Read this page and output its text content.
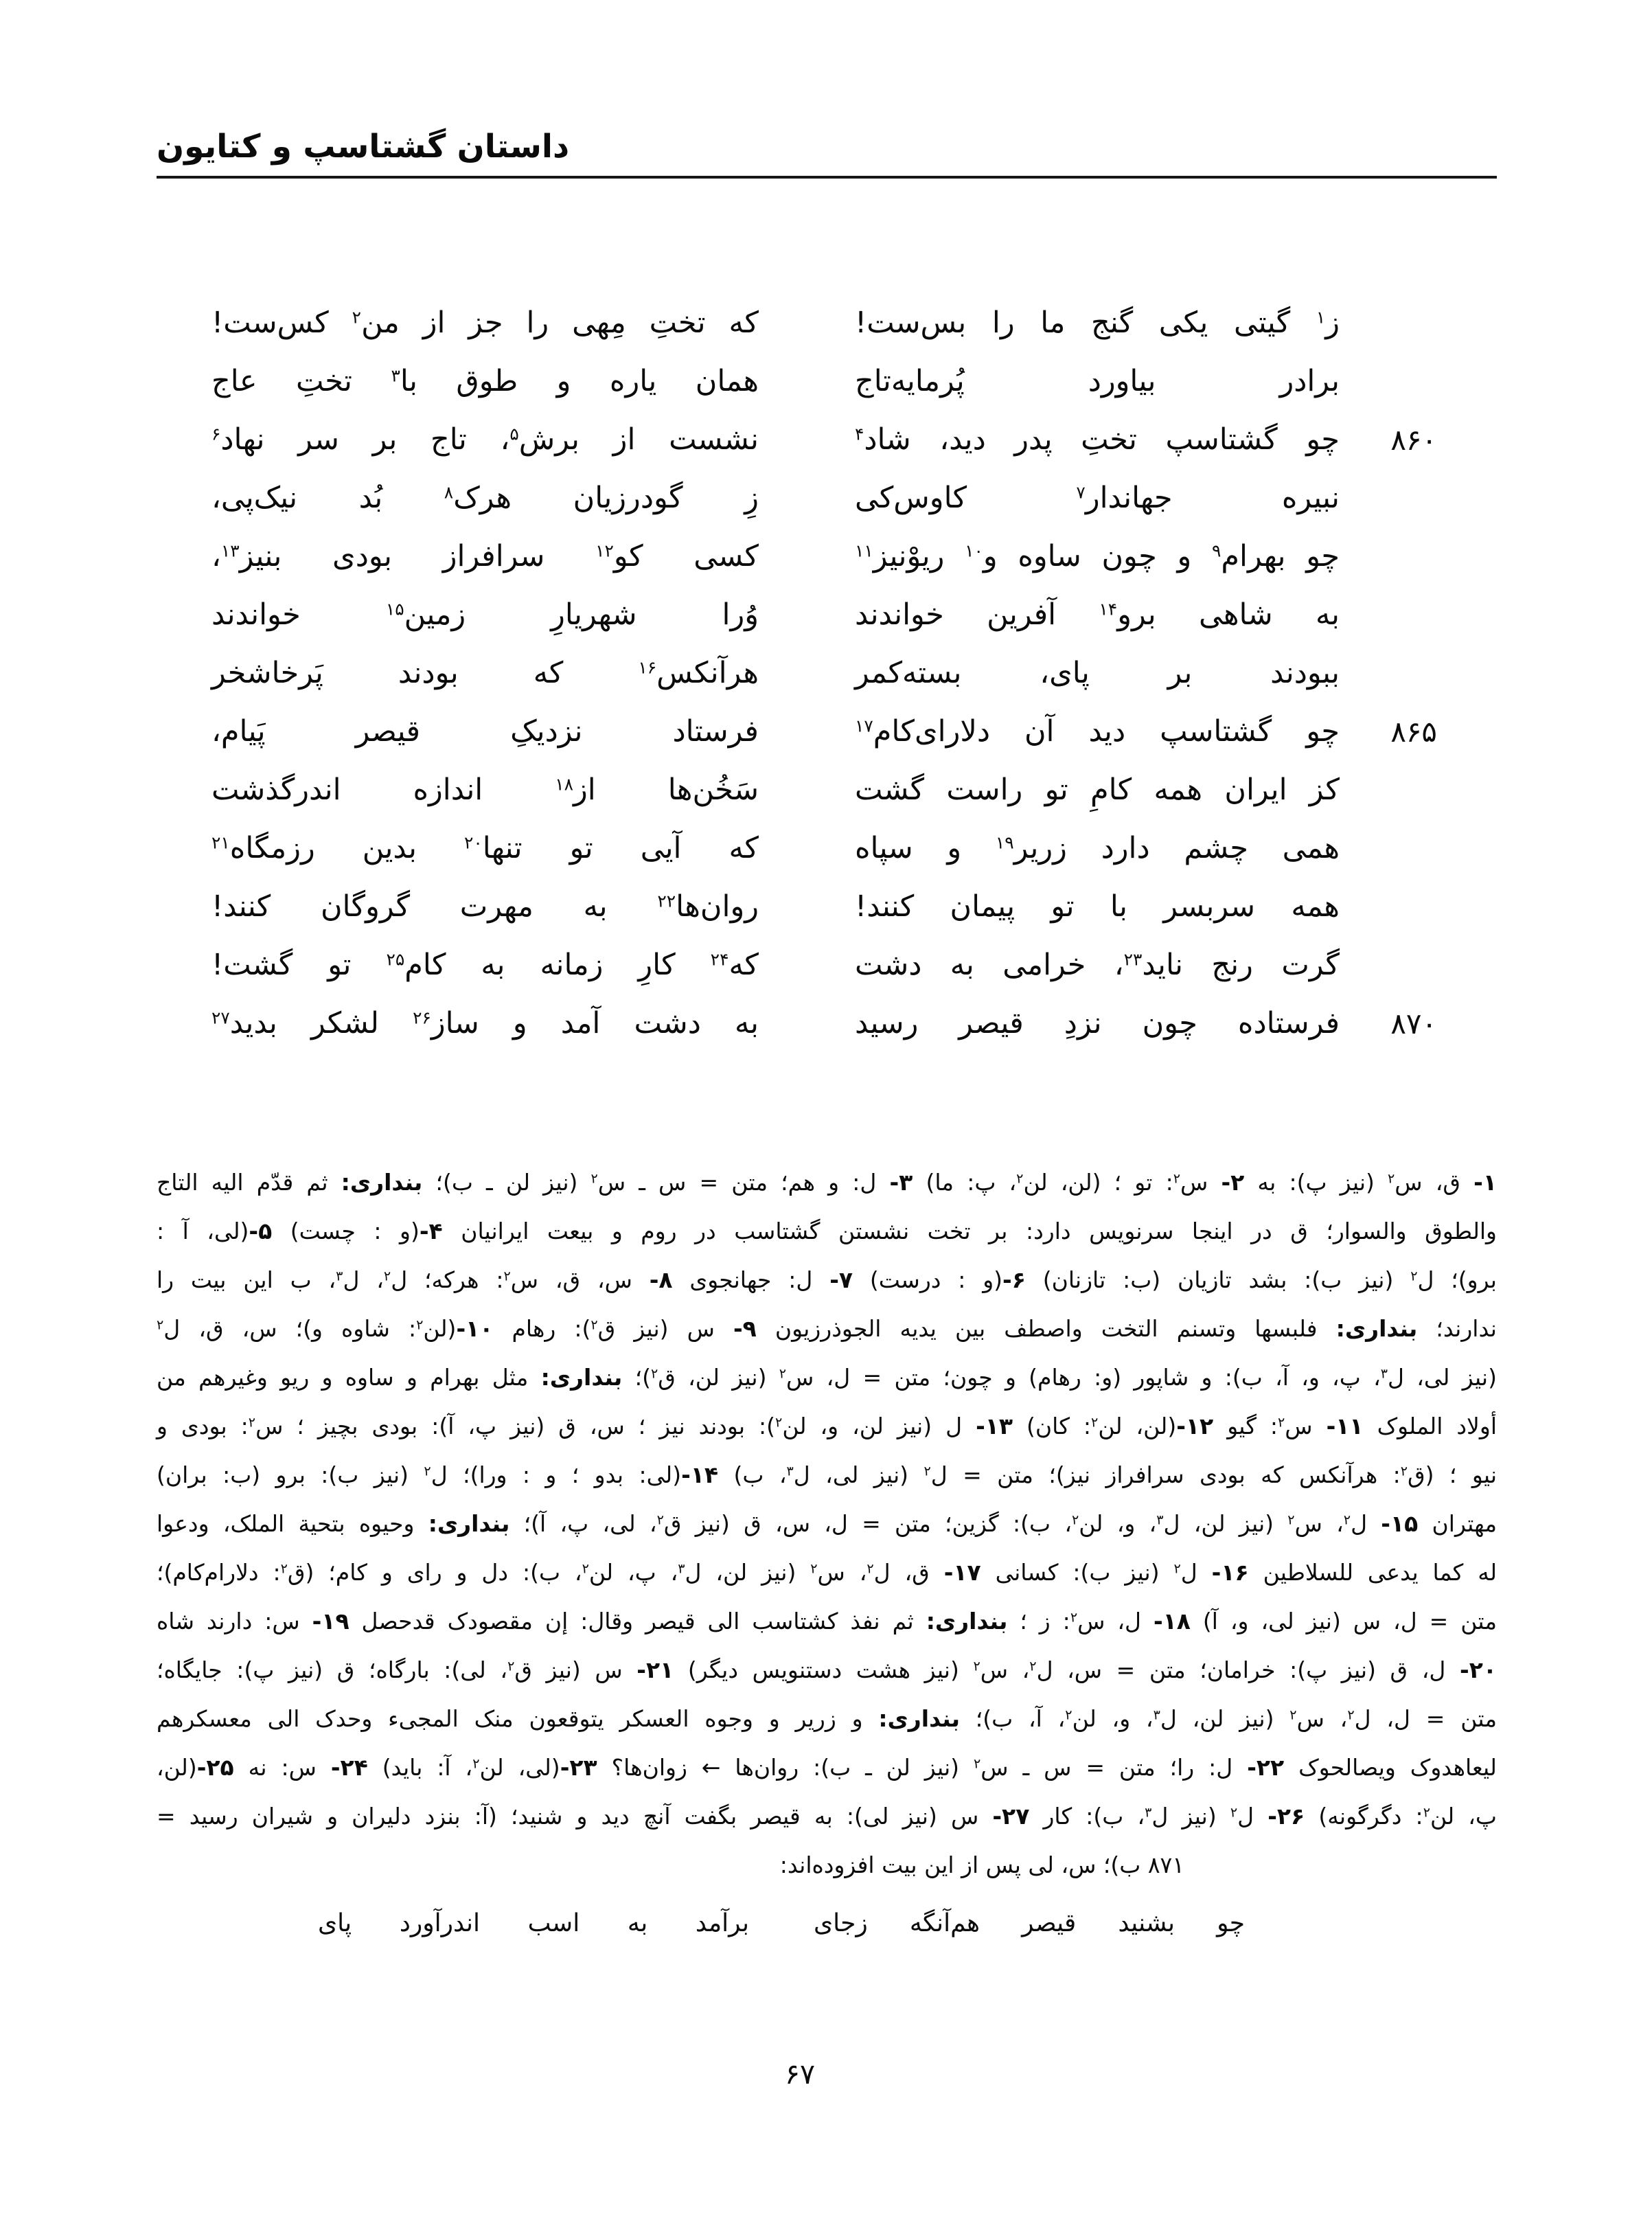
داستان گشتاسپ و کتایون
ز$^۱$ گیتی یکی گنج ما را بس‌ست!
که تختِ مِهی را جز از من$^۲$ کس‌ست!
برادر بیاورد پُرمایه‌تاج
همان یاره و طوق با$^۳$ تختِ عاج
۸۶۰
چو گشتاسپ تختِ پدر دید، شاد$^۴$
نشست از برش$^۵$، تاج بر سر نهاد$^۶$
نبیره جهاندار$^۷$ کاوس‌کی
زِ گودرزیان هرک$^۸$ بُد نیک‌پی،
چو بهرام$^۹$ و چون ساوه و$^{۱۰}$ ریوْنیز$^{۱۱}$
کسی کو$^{۱۲}$ سرافراز بودی بنیز$^{۱۳}$،
به شاهی برو$^{۱۴}$ آفرین خواندند
وُرا شهریارِ زمین$^{۱۵}$ خواندند
ببودند بر پای، بسته‌کمر
هرآنکس$^{۱۶}$ که بودند پَرخاشخر
۸۶۵
چو گشتاسپ دید آن دلارای‌کام$^{۱۷}$
فرستاد نزدیکِ قیصر پَیام،
کز ایران همه کامِ تو راست گشت
سَخُن‌ها از$^{۱۸}$ اندازه اندرگذشت
همی چشم دارد زریر$^{۱۹}$ و سپاه
که آیی تو تنها$^{۲۰}$ بدین رزمگاه$^{۲۱}$
همه سربسر با تو پیمان کنند!
روان‌ها$^{۲۲}$ به مهرت گروگان کنند!
گرت رنج ناید$^{۲۳}$، خرامی به دشت
که$^{۲۴}$ کارِ زمانه به کام$^{۲۵}$ تو گشت!
۸۷۰
فرستاده چون نزدِ قیصر رسید
به دشت آمد و ساز$^{۲۶}$ لشکر بدید$^{۲۷}$
۱- ق، س$^۲$ (نیز پ): به ۲- س$^۲$: تو ؛ (لن، لن$^۲$، پ: ما) ۳- ل: و هم؛ متن = س ـ س$^۲$ (نیز لن ـ ب)؛ بنداری: ثم قدّم الیه التاج
والطوق والسوار؛ ق در اینجا سرنویس دارد: بر تخت نشستن گشتاسب در روم و بیعت ایرانیان ۴-(و : چست) ۵-(لی، آ :
برو)؛ ل$^۲$ (نیز ب): بشد تازیان (ب: تازنان) ۶-(و : درست) ۷- ل: جهانجوی ۸- س، ق، س$^۲$: هرکه؛ ل$^۲$، ل$^۳$، ب این بیت را
ندارند؛ بنداری: فلبسها وتسنم التخت واصطف بین یدیه الجوذرزیون ۹- س (نیز ق$^۲$): رهام ۱۰-(لن$^۲$: شاوه و)؛ س، ق، ل$^۲$
(نیز لی، ل$^۳$، پ، و، آ، ب): و شاپور (و: رهام) و چون؛ متن = ل، س$^۲$ (نیز لن، ق$^۲$)؛ بنداری: مثل بهرام و ساوه و ریو وغیرهم من
أولاد الملوک ۱۱- س$^۲$: گیو ۱۲-(لن، لن$^۲$: کان) ۱۳- ل (نیز لن، و، لن$^۲$): بودند نیز ؛ س، ق (نیز پ، آ): بودی بچیز ؛ س$^۲$: بودی و
نیو ؛ (ق$^۲$: هرآنکس که بودی سرافراز نیز)؛ متن = ل$^۲$ (نیز لی، ل$^۳$، ب) ۱۴-(لی: بدو ؛ و : ورا)؛ ل$^۲$ (نیز ب): برو (ب: بران)
مهتران ۱۵- ل$^۲$، س$^۲$ (نیز لن، ل$^۳$، و، لن$^۲$، ب): گزین؛ متن = ل، س، ق (نیز ق$^۲$، لی، پ، آ)؛ بنداری: وحیوه بتحیة الملک، ودعوا
له کما یدعی للسلاطین ۱۶- ل$^۲$ (نیز ب): کسانی ۱۷- ق، ل$^۲$، س$^۲$ (نیز لن، ل$^۳$، پ، لن$^۲$، ب): دل و رای و کام؛ (ق$^۲$: دلارام‌کام)؛
متن = ل، س (نیز لی، و، آ) ۱۸- ل، س$^۲$: ز ؛ بنداری: ثم نفذ کشتاسب الی قیصر وقال: إن مقصودک قدحصل ۱۹- س: دارند شاه
۲۰- ل، ق (نیز پ): خرامان؛ متن = س، ل$^۲$، س$^۲$ (نیز هشت دستنویس دیگر) ۲۱- س (نیز ق$^۲$، لی): بارگاه؛ ق (نیز پ): جایگاه؛
متن = ل، ل$^۲$، س$^۲$ (نیز لن، ل$^۳$، و، لن$^۲$، آ، ب)؛ بنداری: و زریر و وجوه العسکر یتوقعون منک المجیء وحدک الی معسکرهم
لیعاهدوک ویصالحوک ۲۲- ل: را؛ متن = س ـ س$^۲$ (نیز لن ـ ب): روان‌ها ← زوان‌ها؟ ۲۳-(لی، لن$^۲$، آ: باید) ۲۴- س: نه ۲۵-(لن،
پ، لن$^۲$: دگرگونه) ۲۶- ل$^۲$ (نیز ل$^۳$، ب): کار ۲۷- س (نیز لی): به قیصر بگفت آنچ دید و شنید؛ (آ: بنزد دلیران و شیران رسید =
۸۷۱ ب)؛ س، لی پس از این بیت افزوده‌اند:
چو بشنید قیصر هم‌آنگه زجای
برآمد به اسب اندرآورد پای
۶۷
